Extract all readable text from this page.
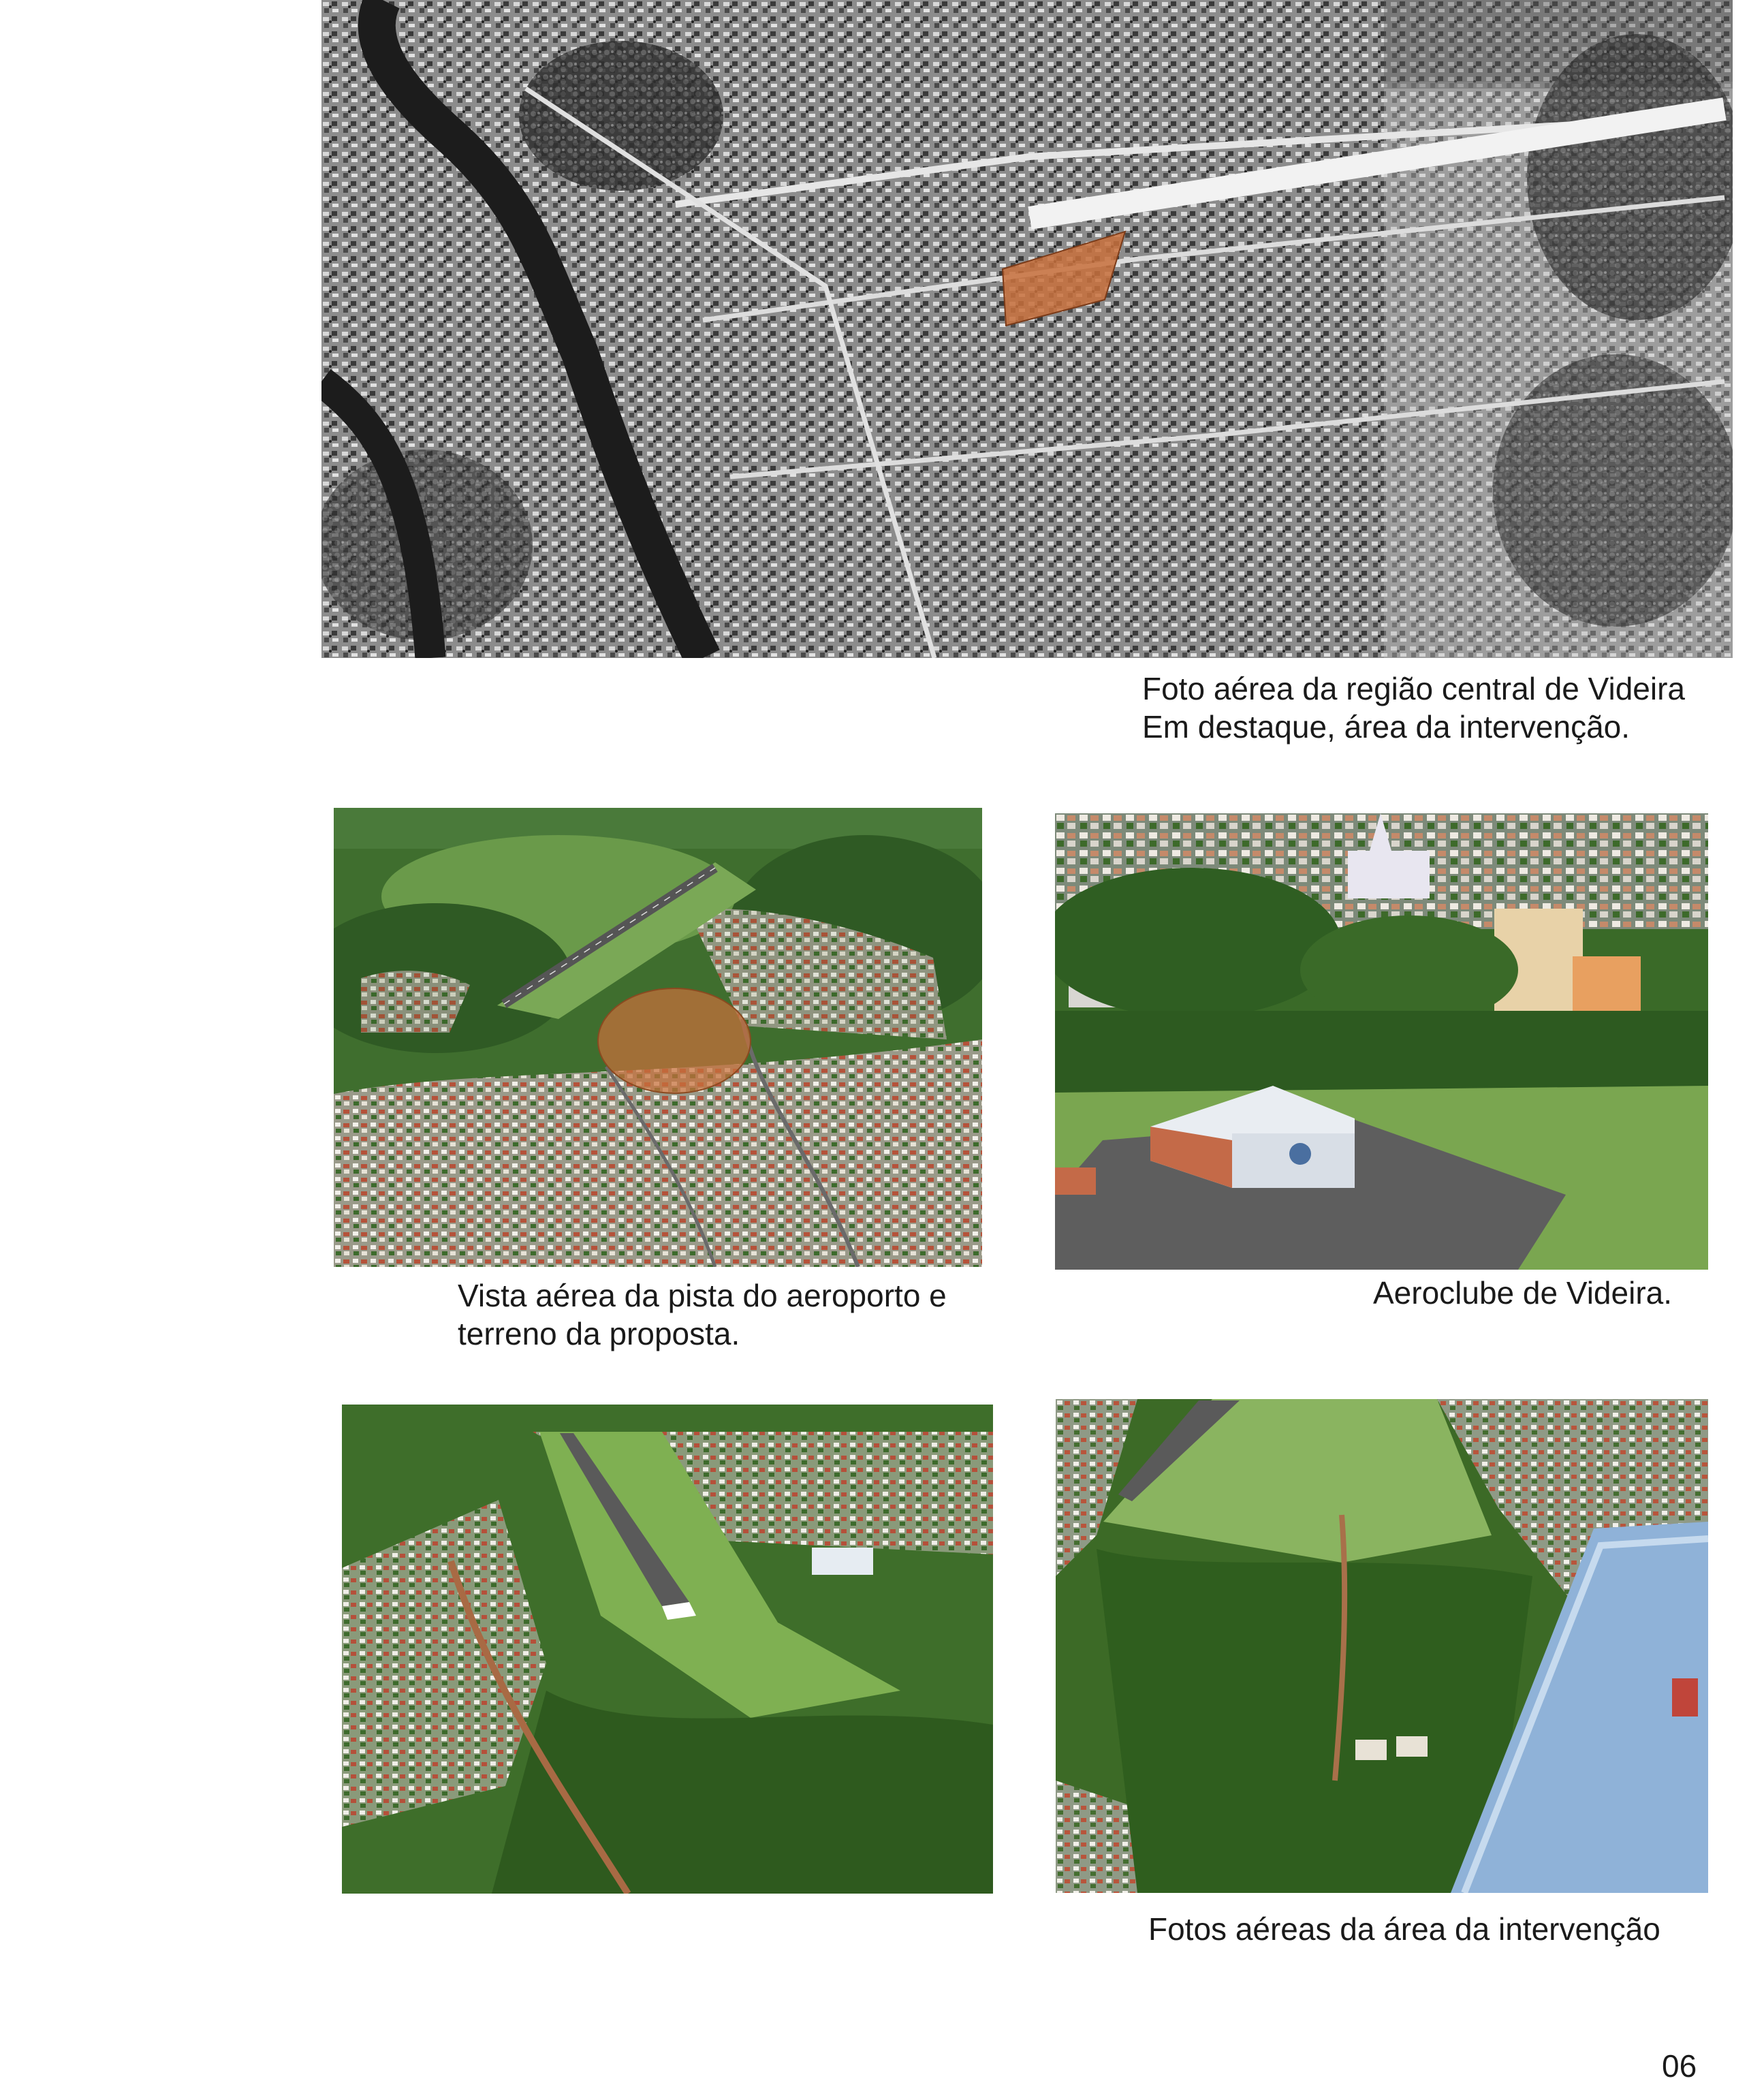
Foto aérea da região central de Videira
Em destaque, área da intervenção.
Vista aérea da pista do aeroporto e
terreno da proposta.
Aeroclube de Videira.
Fotos aéreas da área da intervenção
06
